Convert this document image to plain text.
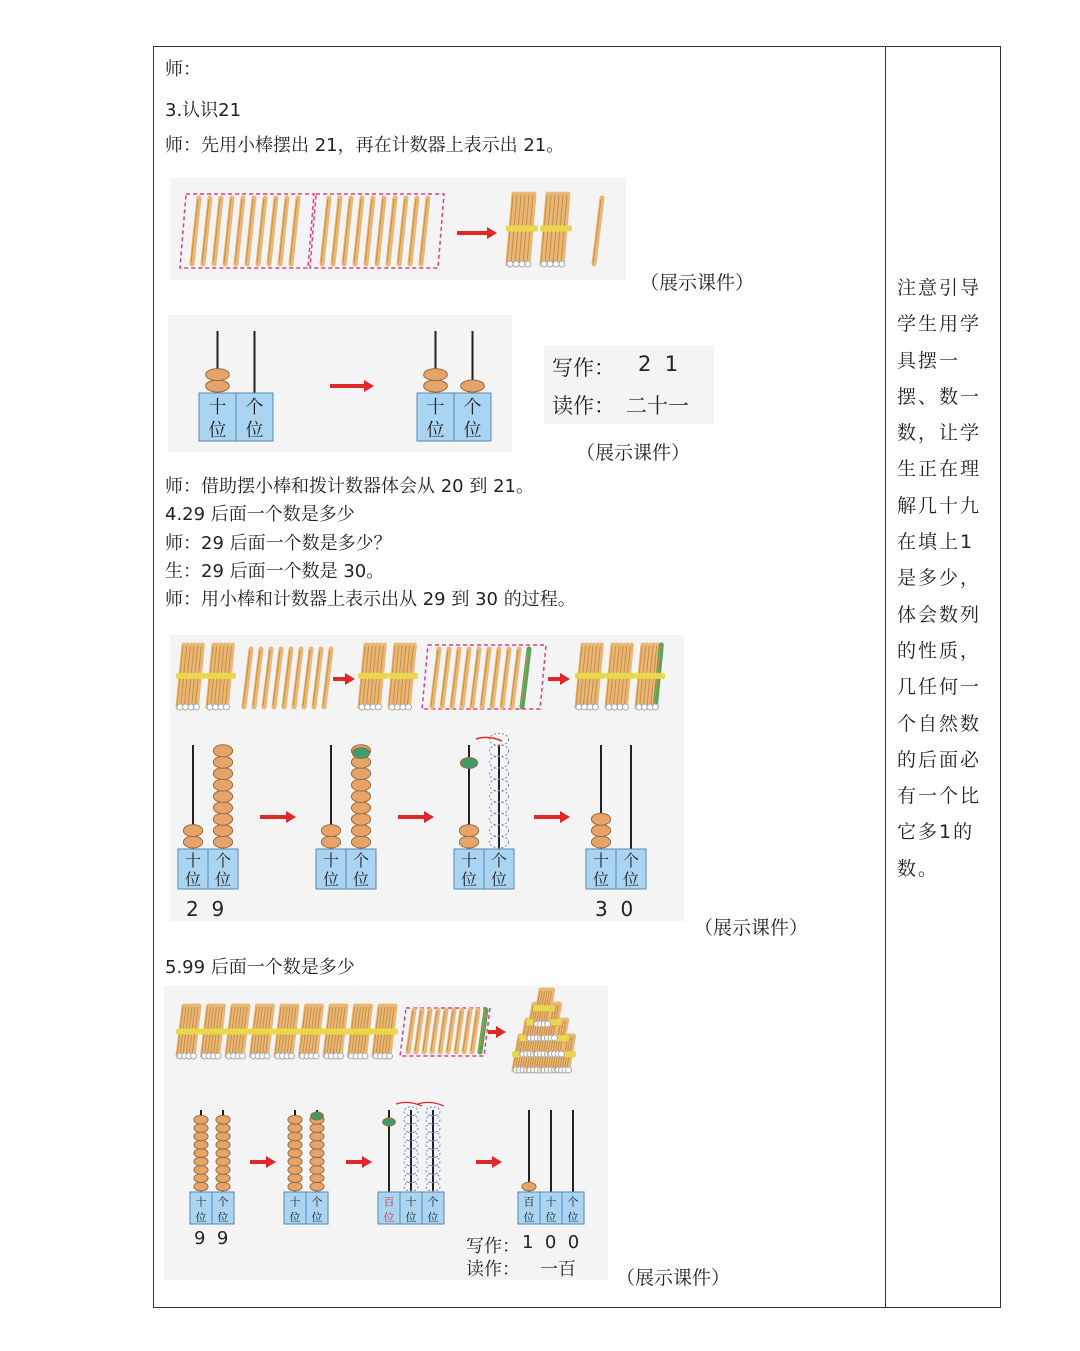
师：
3.认识21
师：先用小棒摆出 21，再在计数器上表示出 21。
（展示课件）
十
位
个
位
十
位
个
位
写作： 2  1
读作： 二十一
（展示课件）
师：借助摆小棒和拨计数器体会从 20 到 21。
4.29 后面一个数是多少
师：29 后面一个数是多少？
生：29 后面一个数是 30。
师：用小棒和计数器上表示出从 29 到 30 的过程。
十
位
个
位
十
位
个
位
十
位
个
位
十
位
个
位
2  9	3  0
（展示课件）
5.99 后面一个数是多少
十
位
个
位
十
位
个
位
百
位
十
位
个
位
百
位
十
位
个
位
9  9	写作： 1  0  0
读作： 一百 （展示课件）
注意引导学生用学具摆一摆、数一数，让学生正在理解几十九在填上1是多少，体会数列的性质，几任何一个自然数的后面必有一个比它多1的数。
